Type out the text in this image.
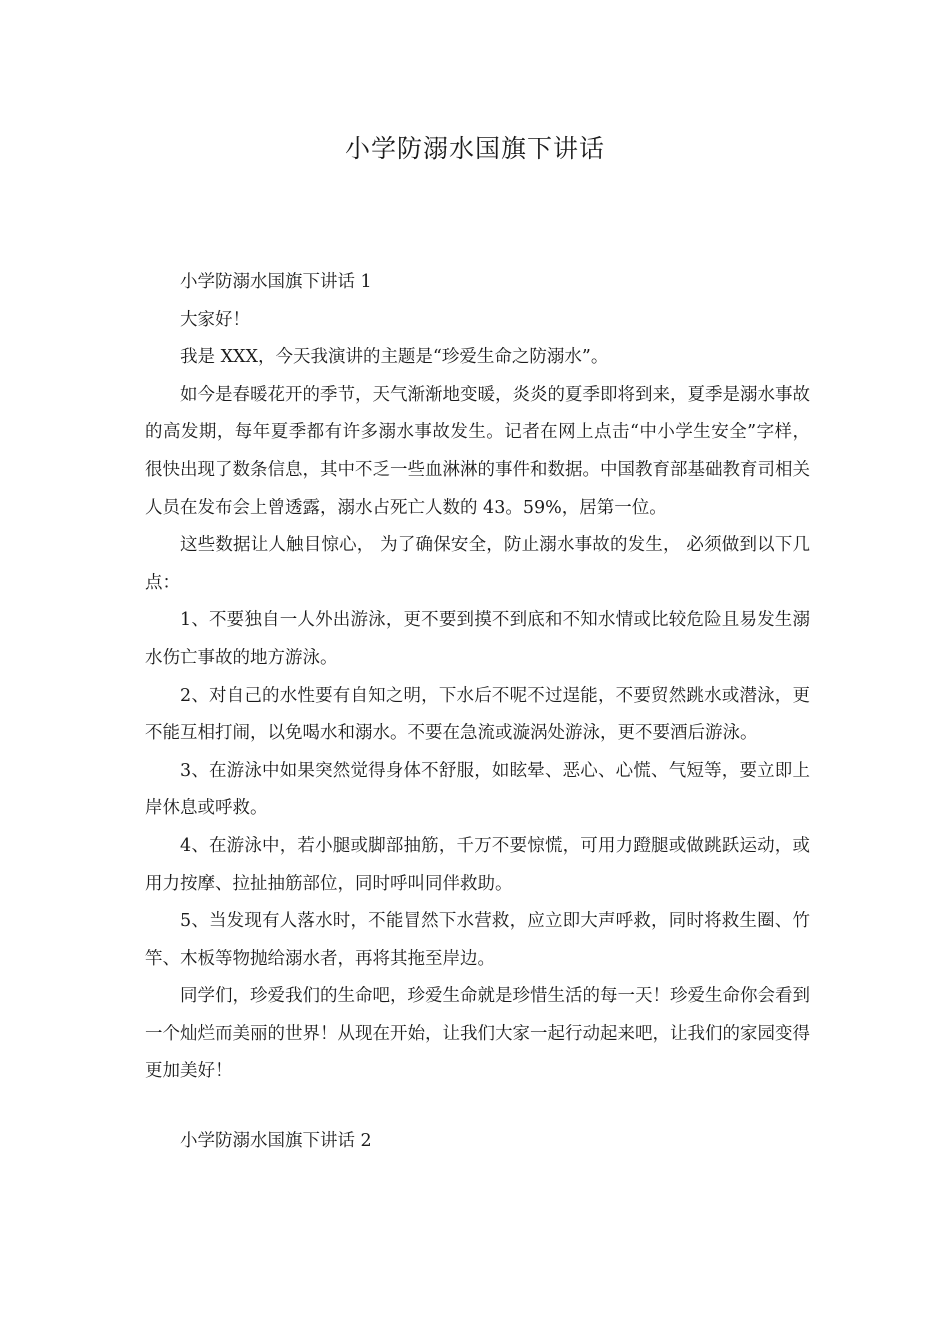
小学防溺水国旗下讲话

小学防溺水国旗下讲话 1

大家好！

我是 XXX，今天我演讲的主题是“珍爱生命之防溺水”。

如今是春暖花开的季节，天气渐渐地变暖，炎炎的夏季即将到来，夏季是溺水事故的高发期，每年夏季都有许多溺水事故发生。记者在网上点击“中小学生安全”字样，很快出现了数条信息，其中不乏一些血淋淋的事件和数据。中国教育部基础教育司相关人员在发布会上曾透露，溺水占死亡人数的 43。59%，居第一位。

这些数据让人触目惊心， 为了确保安全，防止溺水事故的发生， 必须做到以下几点：

1、不要独自一人外出游泳，更不要到摸不到底和不知水情或比较危险且易发生溺水伤亡事故的地方游泳。

2、对自己的水性要有自知之明，下水后不呢不过逞能，不要贸然跳水或潜泳，更不能互相打闹，以免喝水和溺水。不要在急流或漩涡处游泳，更不要酒后游泳。

3、在游泳中如果突然觉得身体不舒服，如眩晕、恶心、心慌、气短等，要立即上岸休息或呼救。

4、在游泳中，若小腿或脚部抽筋，千万不要惊慌，可用力蹬腿或做跳跃运动，或用力按摩、拉扯抽筋部位，同时呼叫同伴救助。

5、当发现有人落水时，不能冒然下水营救，应立即大声呼救，同时将救生圈、竹竿、木板等物抛给溺水者，再将其拖至岸边。

同学们，珍爱我们的生命吧，珍爱生命就是珍惜生活的每一天！珍爱生命你会看到一个灿烂而美丽的世界！从现在开始，让我们大家一起行动起来吧，让我们的家园变得更加美好！

小学防溺水国旗下讲话 2
